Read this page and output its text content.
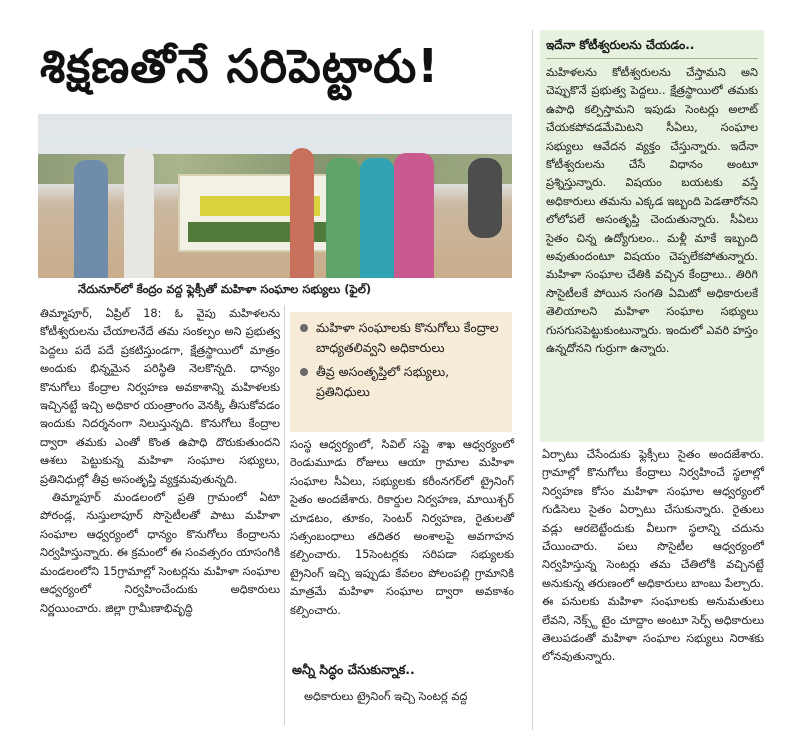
శిక్షణతోనే సరిపెట్టారు!
నేదునూర్‌లో కేంద్రం వద్ద ఫ్లెక్సీతో మహిళా సంఘాల సభ్యులు (ఫైల్)

తిమ్మాపూర్, ఏప్రిల్ 18: ఓ వైపు మహిళలను కోటీశ్వరులను చేయాలనేదే తమ సంకల్పం అని ప్రభుత్వ పెద్దలు పదే పదే ప్రకటిస్తుండగా, క్షేత్రస్థాయిలో మాత్రం అందుకు భిన్నమైన పరిస్థితి నెలకొన్నది. ధాన్యం కొనుగోలు కేంద్రాల నిర్వహణ అవకాశాన్ని మహిళలకు ఇచ్చినట్టే ఇచ్చి అధికార యంత్రాంగం వెనక్కి తీసుకోవడం ఇందుకు నిదర్శనంగా నిలుస్తున్నది. కొనుగోలు కేంద్రాల ద్వారా తమకు ఎంతో కొంత ఉపాధి దొరుకుతుందని ఆశలు పెట్టుకున్న మహిళా సంఘాల సభ్యులు, ప్రతినిధుల్లో తీవ్ర అసంతృప్తి వ్యక్తమవుతున్నది.

తిమ్మాపూర్ మండలంలో ప్రతి గ్రామంలో ఏటా పోరండ్ల, నుస్తులాపూర్ సొసైటీలతో పాటు మహిళా సంఘాల ఆధ్వర్యంలో ధాన్యం కొనుగోలు కేంద్రాలను నిర్వహిస్తున్నారు. ఈ క్రమంలో ఈ సంవత్సరం యాసంగికి మండలంలోని 15గ్రామాల్లో సెంటర్లను మహిళా సంఘాల ఆధ్వర్యంలో నిర్వహించేందుకు అధికారులు నిర్ణయించారు. జిల్లా గ్రామీణాభివృద్ధి

మహిళా సంఘాలకు కొనుగోలు కేంద్రాల బాధ్యతలివ్వని అధికారులు
తీవ్ర అసంతృప్తిలో సభ్యులు, ప్రతినిధులు

సంస్థ ఆధ్వర్యంలో, సివిల్ సప్లై శాఖ ఆధ్వర్యంలో రెండుమూడు రోజులు ఆయా గ్రామాల మహిళా సంఘాల సీఏలు, సభ్యులకు కరీంనగర్‌లో ట్రైనింగ్ సైతం అందజేశారు. రికార్డుల నిర్వహణ, మాయిశ్చర్ చూడటం, తూకం, సెంటర్ నిర్వహణ, రైతులతో సత్సంబంధాలు తదితర అంశాలపై అవగాహన కల్పించారు. 15సెంటర్లకు సరిపడా సభ్యులకు ట్రైనింగ్ ఇచ్చి ఇప్పుడు కేవలం పోలంపల్లి గ్రామానికి మాత్రమే మహిళా సంఘాల ద్వారా అవకాశం కల్పించారు.

అన్నీ సిద్ధం చేసుకున్నాక..

అధికారులు ట్రైనింగ్ ఇచ్చి సెంటర్ల వద్ద

ఇదేనా కోటీశ్వరులను చేయడం..
మహిళలను కోటీశ్వరులను చేస్తామని అని చెప్పుకొనే ప్రభుత్వ పెద్దలు.. క్షేత్రస్థాయిలో తమకు ఉపాధి కల్పిస్తామని ఇపుడు సెంటర్లు అలాట్ చేయకపోవడమేమిటని సీఏలు, సంఘాల సభ్యులు ఆవేదన వ్యక్తం చేస్తున్నారు. ఇదేనా కోటీశ్వరులను చేసే విధానం అంటూ ప్రశ్నిస్తున్నారు. విషయం బయటకు వస్తే అధికారులు తమను ఎక్కడ ఇబ్బంది పెడతారోనని లోలోపలే అసంతృప్తి చెందుతున్నారు. సీఏలు సైతం చిన్న ఉద్యోగులం.. మళ్లీ మాకే ఇబ్బంది అవుతుందంటూ విషయం చెప్పలేకపోతున్నారు. మహిళా సంఘాల చేతికి వచ్చిన కేంద్రాలు.. తిరిగి సొసైటీలకే పోయిన సంగతి ఏమిటో అధికారులకే తెలియాలని మహిళా సంఘాల సభ్యులు గుసగుసపెట్టుకుంటున్నారు. ఇందులో ఎవరి హస్తం ఉన్నదోనని గుర్రుగా ఉన్నారు.

ఏర్పాటు చేసేందుకు ఫ్లెక్సీలు సైతం అందజేశారు. గ్రామాల్లో కొనుగోలు కేంద్రాలు నిర్వహించే స్థలాల్లో నిర్వహణ కోసం మహిళా సంఘాల ఆధ్వర్యంలో గుడిసెలు సైతం ఏర్పాటు చేసుకున్నారు. రైతులు వడ్లు ఆరబెట్టేందుకు వీలుగా స్థలాన్ని చదును చేయించారు. పలు సొసైటీల ఆధ్వర్యంలో నిర్వహిస్తున్న సెంటర్లు తమ చేతిలోకి వచ్చినట్టే అనుకున్న తరుణంలో అధికారులు బాంబు పేల్చారు. ఈ పనులకు మహిళా సంఘాలకు అనుమతులు లేవని, నెక్స్ట్ టైం చూద్దాం అంటూ సెర్ప్ అధికారులు తెలుపడంతో మహిళా సంఘాల సభ్యులు నిరాశకు లోనవుతున్నారు.
